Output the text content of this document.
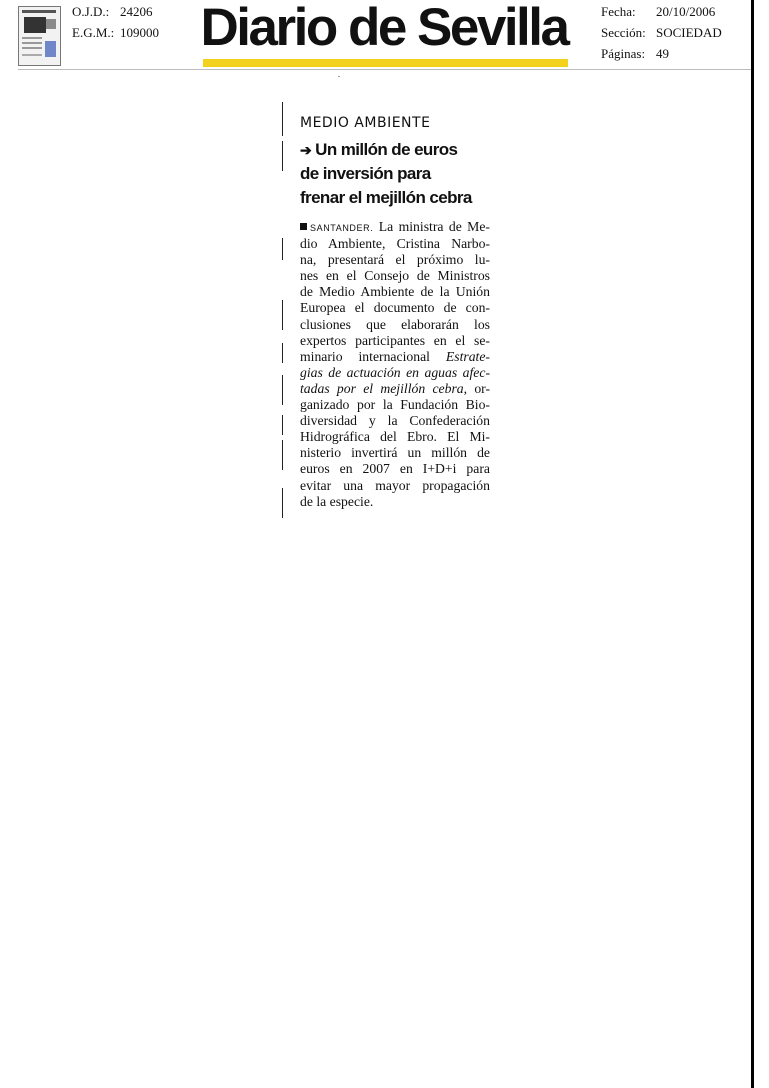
O.J.D.: 24206
E.G.M.: 109000 Diario de Sevilla	Fecha:	20/10/2006
Sección: SOCIEDAD
Páginas: 49
MEDIO AMBIENTE
➔ Un millón de euros
de inversión para
frenar el mejillón cebra
SANTANDER. La ministra de Me-
dio Ambiente, Cristina Narbo-
na, presentará el próximo lu-
nes en el Consejo de Ministros
de Medio Ambiente de la Unión
Europea el documento de con-
clusiones que elaborarán los
expertos participantes en el se-
minario internacional Estrate-
gias de actuación en aguas afec-
tadas por el mejillón cebra, or-
ganizado por la Fundación Bio-
diversidad y la Confederación
Hidrográfica del Ebro. El Mi-
nisterio invertirá un millón de
euros en 2007 en I+D+i para
evitar una mayor propagación
de la especie.
